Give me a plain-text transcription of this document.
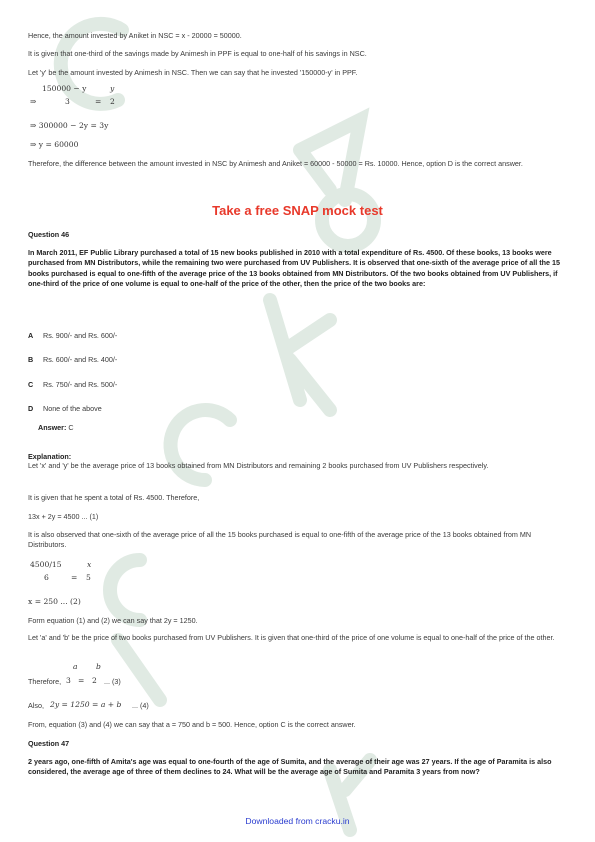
Hence, the amount invested by Aniket in NSC = x - 20000 = 50000.
It is given that one-third of the savings made by Animesh in PPF is equal to one-half of his savings in NSC.
Let 'y' be the amount invested by Animesh in NSC. Then we can say that he invested '150000-y' in PPF.
150000 − y	y
⇒	3	= 2
⇒ 300000 − 2y = 3y
⇒ y = 60000
Therefore, the difference between the amount invested in NSC by Animesh and Aniket = 60000 - 50000 = Rs. 10000. Hence, option D is the correct answer.
Take a free SNAP mock test
Question 46
In March 2011, EF Public Library purchased a total of 15 new books published in 2010 with a total expenditure of Rs. 4500. Of these books, 13 books were purchased from MN Distributors, while the remaining two were purchased from UV Publishers. It is observed that one-sixth of the average price of all the 15 books purchased is equal to one-fifth of the average price of the 13 books obtained from MN Distributors. Of the two books obtained from UV Publishers, if one-third of the price of one volume is equal to one-half of the price of the other, then the price of the two books are:
A Rs. 900/- and Rs. 600/-
B Rs. 600/- and Rs. 400/-
C Rs. 750/- and Rs. 500/-
D None of the above
Answer: C
Explanation:
Let 'x' and 'y' be the average price of 13 books obtained from MN Distributors and remaining 2 books purchased from UV Publishers respectively.
It is given that he spent a total of Rs. 4500. Therefore,
13x + 2y = 4500 ... (1)
It is also observed that one-sixth of the average price of all the 15 books purchased is equal to one-fifth of the average price of the 13 books obtained from MN Distributors.
4500/15	x
6	= 5
x = 250 ... (2)
Form equation (1) and (2) we can say that 2y = 1250.
Let 'a' and 'b' be the price of two books purchased from UV Publishers. It is given that one-third of the price of one volume is equal to one-half of the price of the other.
a b
Therefore, 3 = 2 ... (3)
Also, 2y = 1250 = a + b ... (4)
From, equation (3) and (4) we can say that a = 750 and b = 500. Hence, option C is the correct answer.
Question 47
2 years ago, one-fifth of Amita's age was equal to one-fourth of the age of Sumita, and the average of their age was 27 years. If the age of Paramita is also considered, the average age of three of them declines to 24. What will be the average age of Sumita and Paramita 3 years from now?
Downloaded from cracku.in
